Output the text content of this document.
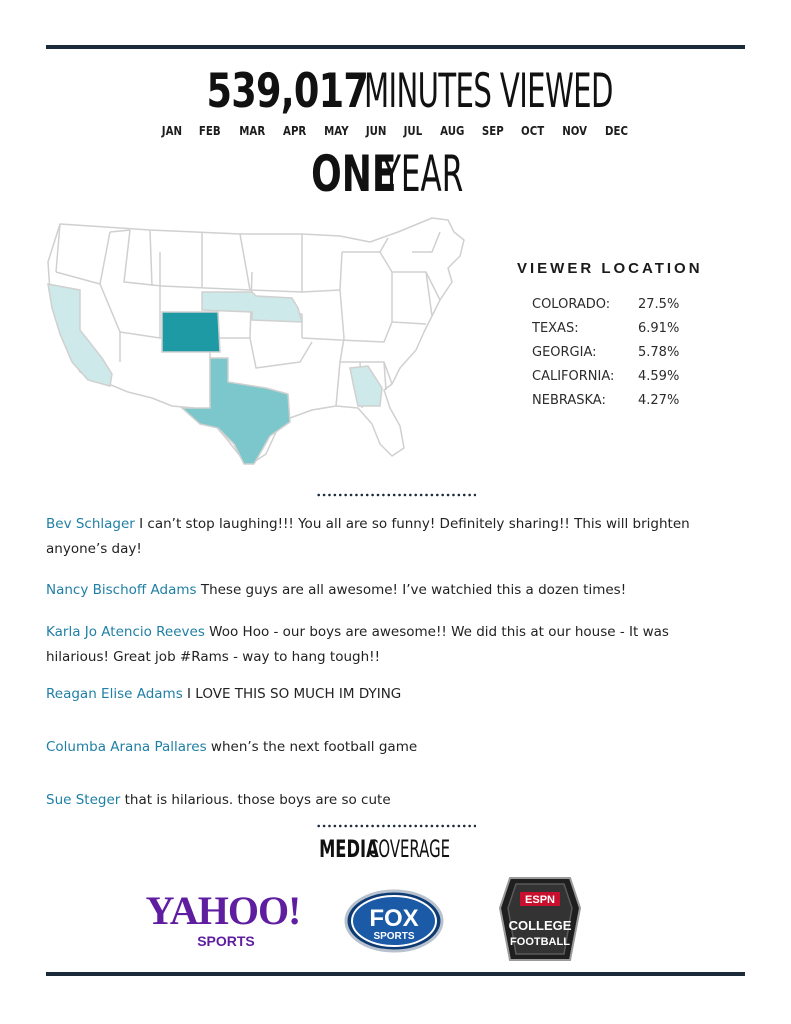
539,017 MINUTES VIEWED
JAN FEB MAR APR MAY JUN JUL AUG SEP OCT NOV DEC
ONEYEAR
VIEWER LOCATION
COLORADO:	27.5%
TEXAS:	6.91%
GEORGIA:	5.78%
CALIFORNIA:	4.59%
NEBRASKA:	4.27%
Bev Schlager I can’t stop laughing!!! You all are so funny! Definitely sharing!! This will brighten anyone’s day!
Nancy Bischoff Adams These guys are all awesome! I’ve watchied this a dozen times!
Karla Jo Atencio Reeves Woo Hoo - our boys are awesome!! We did this at our house - It was hilarious! Great job #Rams - way to hang tough!!
Reagan Elise Adams I LOVE THIS SO MUCH IM DYING
Columba Arana Pallares when’s the next football game
Sue Steger that is hilarious. those boys are so cute
MEDIACOVERAGE
YAHOO!
SPORTS
FOX
SPORTS
ESPN
COLLEGE
FOOTBALL
